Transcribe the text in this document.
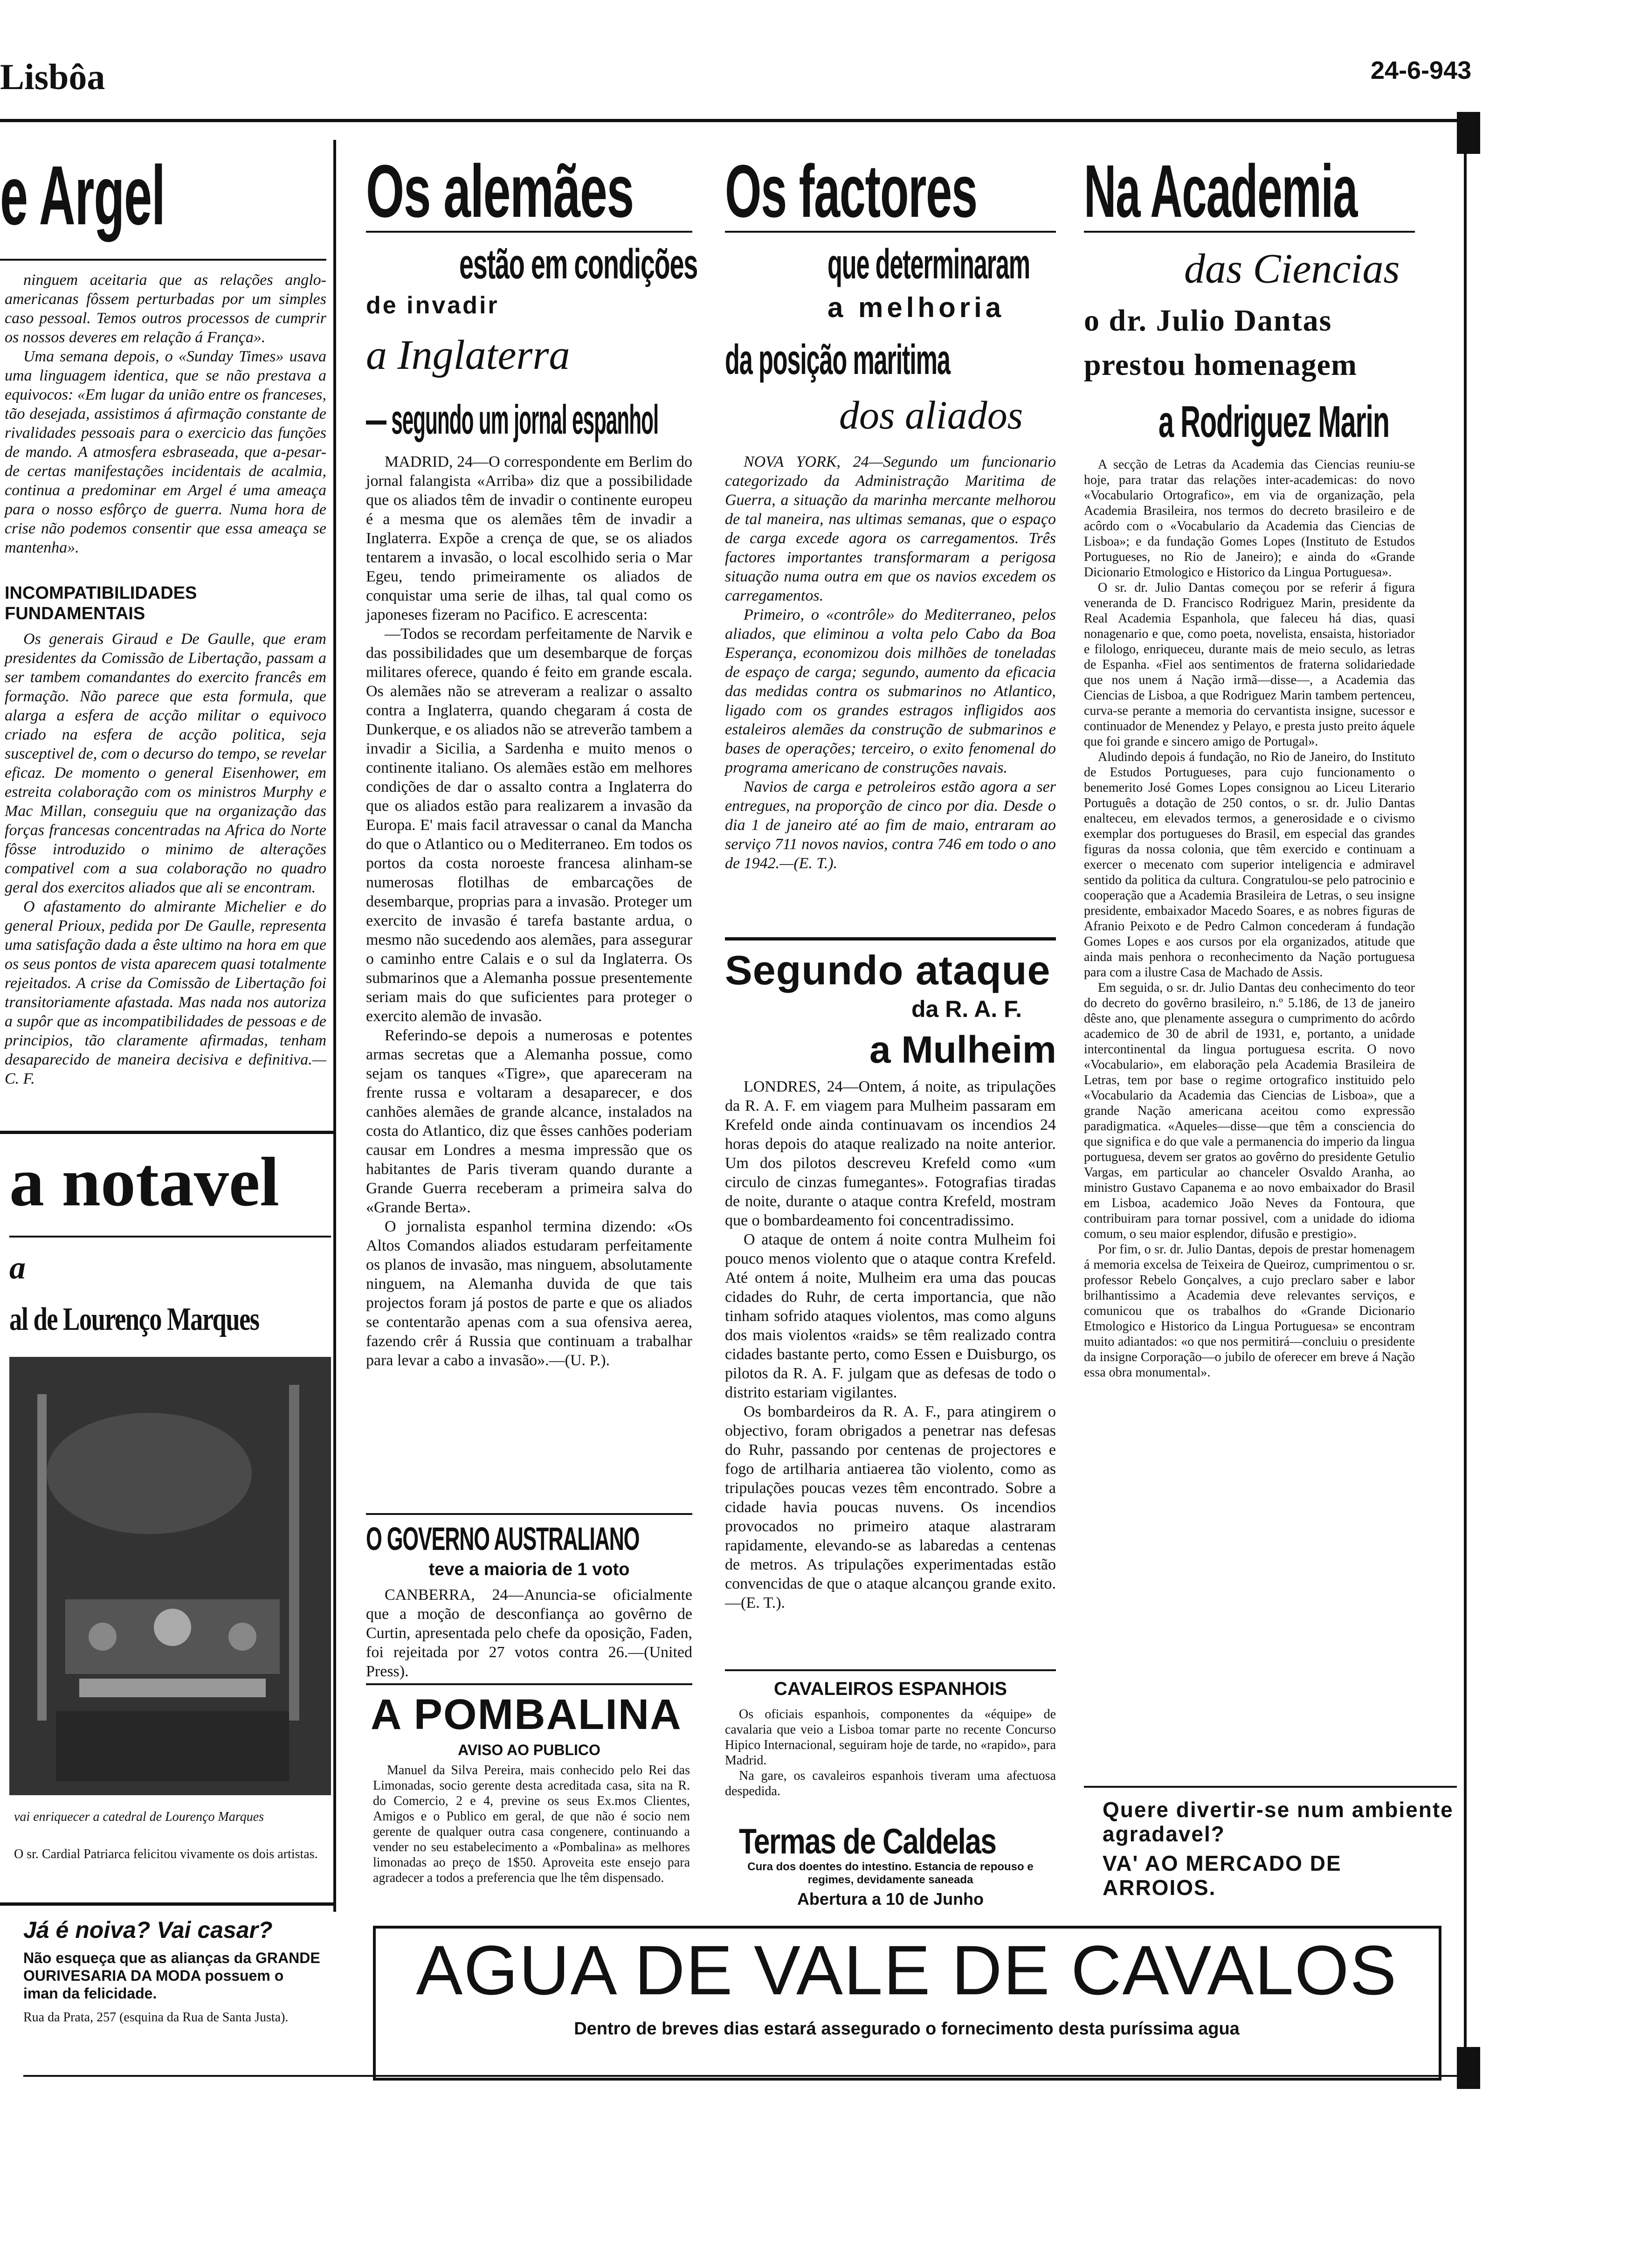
Lisbôa	24-6-943
e Argel

ninguem aceitaria que as relações anglo-americanas fôssem perturbadas por um simples caso pessoal. Temos outros processos de cumprir os nossos deveres em relação á França».

Uma semana depois, o «Sunday Times» usava uma linguagem identica, que se não prestava a equivocos: «Em lugar da união entre os franceses, tão desejada, assistimos á afirmação constante de rivalidades pessoais para o exercicio das funções de mando. A atmosfera esbraseada, que a-pesar-de certas manifestações incidentais de acalmia, continua a predominar em Argel é uma ameaça para o nosso esfôrço de guerra. Numa hora de crise não podemos consentir que essa ameaça se mantenha».

INCOMPATIBILIDADES FUNDAMENTAIS

Os generais Giraud e De Gaulle, que eram presidentes da Comissão de Libertação, passam a ser tambem comandantes do exercito francês em formação. Não parece que esta formula, que alarga a esfera de acção militar o equivoco criado na esfera de acção politica, seja susceptivel de, com o decurso do tempo, se revelar eficaz. De momento o general Eisenhower, em estreita colaboração com os ministros Murphy e Mac Millan, conseguiu que na organização das forças francesas concentradas na Africa do Norte fôsse introduzido o minimo de alterações compativel com a sua colaboração no quadro geral dos exercitos aliados que ali se encontram.

O afastamento do almirante Michelier e do general Prioux, pedida por De Gaulle, representa uma satisfação dada a êste ultimo na hora em que os seus pontos de vista aparecem quasi totalmente rejeitados. A crise da Comissão de Libertação foi transitoriamente afastada. Mas nada nos autoriza a supôr que as incompatibilidades de pessoas e de principios, tão claramente afirmadas, tenham desaparecido de maneira decisiva e definitiva.—C. F.

a notavel
a
al de Lourenço Marques
vai enriquecer a catedral de Lourenço Marques
O sr. Cardial Patriarca felicitou vivamente os dois artistas.
Já é noiva? Vai casar?
Não esqueça que as alianças da GRANDE OURIVESARIA DA MODA possuem o iman da felicidade.
Rua da Prata, 257 (esquina da Rua de Santa Justa).
Os alemães
estão em condições
de invadir
a Inglaterra
— segundo um jornal espanhol

MADRID, 24—O correspondente em Berlim do jornal falangista «Arriba» diz que a possibilidade que os aliados têm de invadir o continente europeu é a mesma que os alemães têm de invadir a Inglaterra. Expõe a crença de que, se os aliados tentarem a invasão, o local escolhido seria o Mar Egeu, tendo primeiramente os aliados de conquistar uma serie de ilhas, tal qual como os japoneses fizeram no Pacifico. E acrescenta:

—Todos se recordam perfeitamente de Narvik e das possibilidades que um desembarque de forças militares oferece, quando é feito em grande escala. Os alemães não se atreveram a realizar o assalto contra a Inglaterra, quando chegaram á costa de Dunkerque, e os aliados não se atreverão tambem a invadir a Sicilia, a Sardenha e muito menos o continente italiano. Os alemães estão em melhores condições de dar o assalto contra a Inglaterra do que os aliados estão para realizarem a invasão da Europa. E' mais facil atravessar o canal da Mancha do que o Atlantico ou o Mediterraneo. Em todos os portos da costa noroeste francesa alinham-se numerosas flotilhas de embarcações de desembarque, proprias para a invasão. Proteger um exercito de invasão é tarefa bastante ardua, o mesmo não sucedendo aos alemães, para assegurar o caminho entre Calais e o sul da Inglaterra. Os submarinos que a Alemanha possue presentemente seriam mais do que suficientes para proteger o exercito alemão de invasão.

Referindo-se depois a numerosas e potentes armas secretas que a Alemanha possue, como sejam os tanques «Tigre», que apareceram na frente russa e voltaram a desaparecer, e dos canhões alemães de grande alcance, instalados na costa do Atlantico, diz que êsses canhões poderiam causar em Londres a mesma impressão que os habitantes de Paris tiveram quando durante a Grande Guerra receberam a primeira salva do «Grande Berta».

O jornalista espanhol termina dizendo: «Os Altos Comandos aliados estudaram perfeitamente os planos de invasão, mas ninguem, absolutamente ninguem, na Alemanha duvida de que tais projectos foram já postos de parte e que os aliados se contentarão apenas com a sua ofensiva aerea, fazendo crêr á Russia que continuam a trabalhar para levar a cabo a invasão».—(U. P.).

O GOVERNO AUSTRALIANO
teve a maioria de 1 voto

CANBERRA, 24—Anuncia-se oficialmente que a moção de desconfiança ao govêrno de Curtin, apresentada pelo chefe da oposição, Faden, foi rejeitada por 27 votos contra 26.—(United Press).

A POMBALINA
AVISO AO PUBLICO

Manuel da Silva Pereira, mais conhecido pelo Rei das Limonadas, socio gerente desta acreditada casa, sita na R. do Comercio, 2 e 4, previne os seus Ex.mos Clientes, Amigos e o Publico em geral, de que não é socio nem gerente de qualquer outra casa congenere, continuando a vender no seu estabelecimento a «Pombalina» as melhores limonadas ao preço de 1$50. Aproveita este ensejo para agradecer a todos a preferencia que lhe têm dispensado.

Os factores
que determinaram
a melhoria
da posição maritima
dos aliados

NOVA YORK, 24—Segundo um funcionario categorizado da Administração Maritima de Guerra, a situação da marinha mercante melhorou de tal maneira, nas ultimas semanas, que o espaço de carga excede agora os carregamentos. Três factores importantes transformaram a perigosa situação numa outra em que os navios excedem os carregamentos.

Primeiro, o «contrôle» do Mediterraneo, pelos aliados, que eliminou a volta pelo Cabo da Boa Esperança, economizou dois milhões de toneladas de espaço de carga; segundo, aumento da eficacia das medidas contra os submarinos no Atlantico, ligado com os grandes estragos infligidos aos estaleiros alemães da construção de submarinos e bases de operações; terceiro, o exito fenomenal do programa americano de construções navais.

Navios de carga e petroleiros estão agora a ser entregues, na proporção de cinco por dia. Desde o dia 1 de janeiro até ao fim de maio, entraram ao serviço 711 novos navios, contra 746 em todo o ano de 1942.—(E. T.).

Segundo ataque
da R. A. F.
a Mulheim

LONDRES, 24—Ontem, á noite, as tripulações da R. A. F. em viagem para Mulheim passaram em Krefeld onde ainda continuavam os incendios 24 horas depois do ataque realizado na noite anterior. Um dos pilotos descreveu Krefeld como «um circulo de cinzas fumegantes». Fotografias tiradas de noite, durante o ataque contra Krefeld, mostram que o bombardeamento foi concentradissimo.

O ataque de ontem á noite contra Mulheim foi pouco menos violento que o ataque contra Krefeld. Até ontem á noite, Mulheim era uma das poucas cidades do Ruhr, de certa importancia, que não tinham sofrido ataques violentos, mas como alguns dos mais violentos «raids» se têm realizado contra cidades bastante perto, como Essen e Duisburgo, os pilotos da R. A. F. julgam que as defesas de todo o distrito estariam vigilantes.

Os bombardeiros da R. A. F., para atingirem o objectivo, foram obrigados a penetrar nas defesas do Ruhr, passando por centenas de projectores e fogo de artilharia antiaerea tão violento, como as tripulações poucas vezes têm encontrado. Sobre a cidade havia poucas nuvens. Os incendios provocados no primeiro ataque alastraram rapidamente, elevando-se as labaredas a centenas de metros. As tripulações experimentadas estão convencidas de que o ataque alcançou grande exito.—(E. T.).

CAVALEIROS ESPANHOIS

Os oficiais espanhois, componentes da «équipe» de cavalaria que veio a Lisboa tomar parte no recente Concurso Hipico Internacional, seguiram hoje de tarde, no «rapido», para Madrid.

Na gare, os cavaleiros espanhois tiveram uma afectuosa despedida.

Termas de Caldelas
Cura dos doentes do intestino. Estancia de repouso e regimes, devidamente saneada
Abertura a 10 de Junho
Na Academia
das Ciencias
o dr. Julio Dantas
prestou homenagem
a Rodriguez Marin

A secção de Letras da Academia das Ciencias reuniu-se hoje, para tratar das relações inter-academicas: do novo «Vocabulario Ortografico», em via de organização, pela Academia Brasileira, nos termos do decreto brasileiro e de acôrdo com o «Vocabulario da Academia das Ciencias de Lisboa»; e da fundação Gomes Lopes (Instituto de Estudos Portugueses, no Rio de Janeiro); e ainda do «Grande Dicionario Etmologico e Historico da Lingua Portuguesa».

O sr. dr. Julio Dantas começou por se referir á figura veneranda de D. Francisco Rodriguez Marin, presidente da Real Academia Espanhola, que faleceu há dias, quasi nonagenario e que, como poeta, novelista, ensaista, historiador e filologo, enriqueceu, durante mais de meio seculo, as letras de Espanha. «Fiel aos sentimentos de fraterna solidariedade que nos unem á Nação irmã—disse—, a Academia das Ciencias de Lisboa, a que Rodriguez Marin tambem pertenceu, curva-se perante a memoria do cervantista insigne, sucessor e continuador de Menendez y Pelayo, e presta justo preito áquele que foi grande e sincero amigo de Portugal».

Aludindo depois á fundação, no Rio de Janeiro, do Instituto de Estudos Portugueses, para cujo funcionamento o benemerito José Gomes Lopes consignou ao Liceu Literario Português a dotação de 250 contos, o sr. dr. Julio Dantas enalteceu, em elevados termos, a generosidade e o civismo exemplar dos portugueses do Brasil, em especial das grandes figuras da nossa colonia, que têm exercido e continuam a exercer o mecenato com superior inteligencia e admiravel sentido da politica da cultura. Congratulou-se pelo patrocinio e cooperação que a Academia Brasileira de Letras, o seu insigne presidente, embaixador Macedo Soares, e as nobres figuras de Afranio Peixoto e de Pedro Calmon concederam á fundação Gomes Lopes e aos cursos por ela organizados, atitude que ainda mais penhora o reconhecimento da Nação portuguesa para com a ilustre Casa de Machado de Assis.

Em seguida, o sr. dr. Julio Dantas deu conhecimento do teor do decreto do govêrno brasileiro, n.º 5.186, de 13 de janeiro dêste ano, que plenamente assegura o cumprimento do acôrdo academico de 30 de abril de 1931, e, portanto, a unidade intercontinental da lingua portuguesa escrita. O novo «Vocabulario», em elaboração pela Academia Brasileira de Letras, tem por base o regime ortografico instituido pelo «Vocabulario da Academia das Ciencias de Lisboa», que a grande Nação americana aceitou como expressão paradigmatica. «Aqueles—disse—que têm a consciencia do que significa e do que vale a permanencia do imperio da lingua portuguesa, devem ser gratos ao govêrno do presidente Getulio Vargas, em particular ao chanceler Osvaldo Aranha, ao ministro Gustavo Capanema e ao novo embaixador do Brasil em Lisboa, academico João Neves da Fontoura, que contribuiram para tornar possivel, com a unidade do idioma comum, o seu maior esplendor, difusão e prestigio».

Por fim, o sr. dr. Julio Dantas, depois de prestar homenagem á memoria excelsa de Teixeira de Queiroz, cumprimentou o sr. professor Rebelo Gonçalves, a cujo preclaro saber e labor brilhantissimo a Academia deve relevantes serviços, e comunicou que os trabalhos do «Grande Dicionario Etmologico e Historico da Lingua Portuguesa» se encontram muito adiantados: «o que nos permitirá—concluiu o presidente da insigne Corporação—o jubilo de oferecer em breve á Nação essa obra monumental».

Quere divertir-se num ambiente agradavel?
VA' AO MERCADO DE ARROIOS.
AGUA DE VALE DE CAVALOS
Dentro de breves dias estará assegurado o fornecimento desta puríssima agua
